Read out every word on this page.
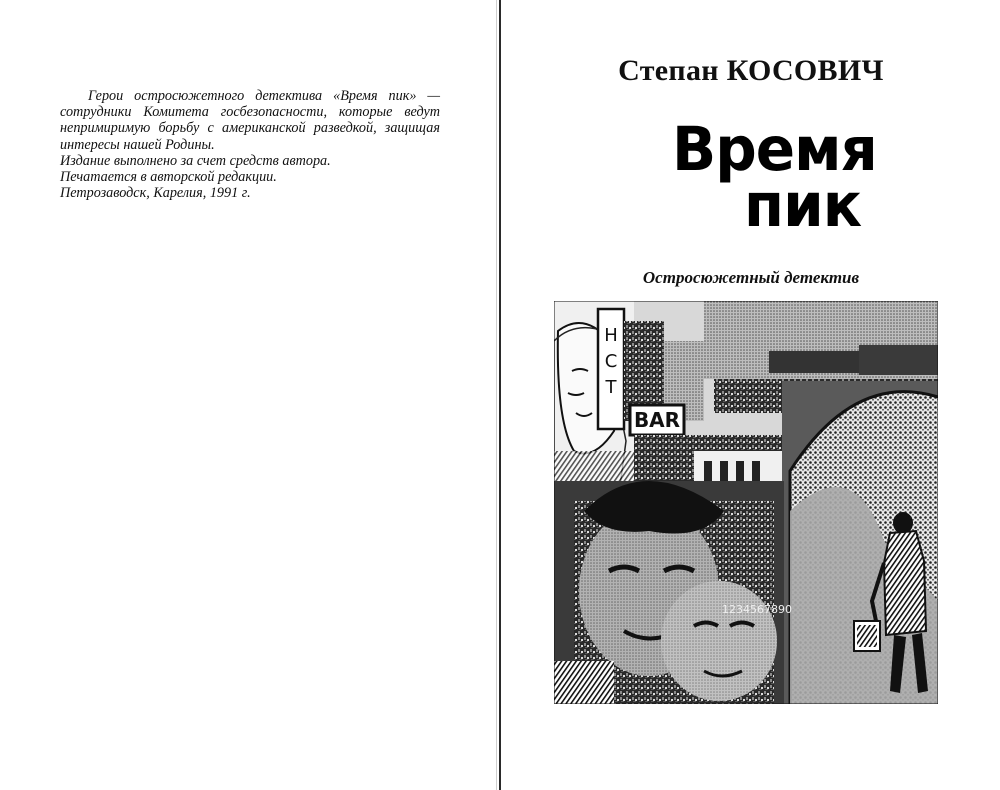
Герои остросюжетного детектива «Время пик» — сотрудники Комитета госбезопасности, которые ведут непримиримую борьбу с американской разведкой, защищая интересы нашей Родины.

Издание выполнено за счет средств автора.

Печатается в авторской редакции.

Петрозаводск, Карелия, 1991 г.

Степан КОСОВИЧ
Время
пик
Остросюжетный детектив
H
C
T
BAR
1234567890
